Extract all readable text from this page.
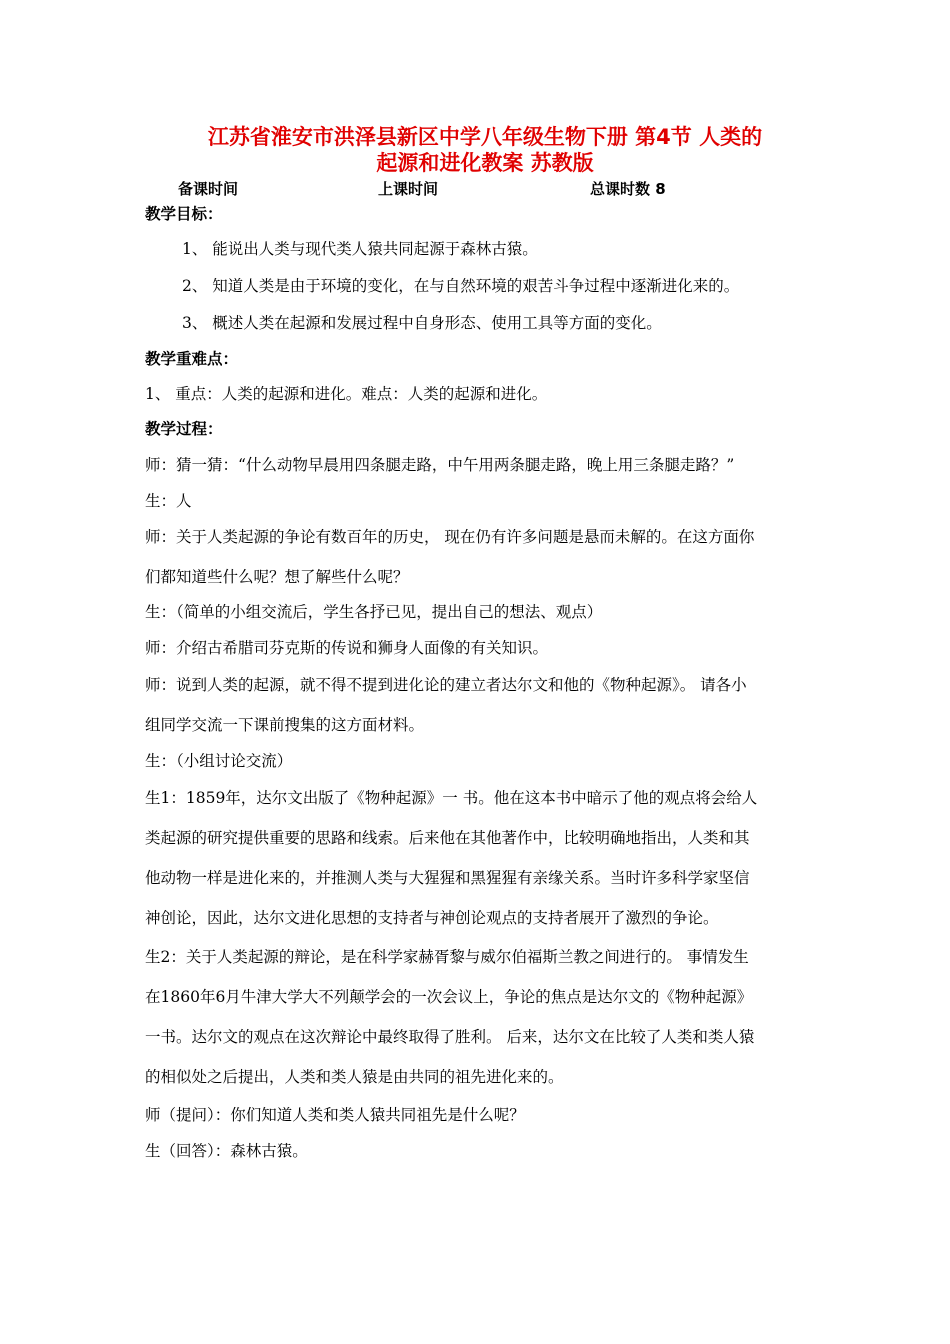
江苏省淮安市洪泽县新区中学八年级生物下册 第4节 人类的
起源和进化教案 苏教版
备课时间	上课时间	总课时数 8
教学目标：
1、 能说出人类与现代类人猿共同起源于森林古猿。
2、 知道人类是由于环境的变化，在与自然环境的艰苦斗争过程中逐渐进化来的。
3、 概述人类在起源和发展过程中自身形态、使用工具等方面的变化。
教学重难点：
1、 重点：人类的起源和进化。难点：人类的起源和进化。
教学过程：
师：猜一猜：“什么动物早晨用四条腿走路，中午用两条腿走路，晚上用三条腿走路？”
生：人
师：关于人类起源的争论有数百年的历史， 现在仍有许多问题是悬而未解的。在这方面你
们都知道些什么呢？想了解些什么呢？
生：（简单的小组交流后，学生各抒已见，提出自己的想法、观点）
师：介绍古希腊司芬克斯的传说和狮身人面像的有关知识。
师：说到人类的起源，就不得不提到进化论的建立者达尔文和他的《物种起源》。 请各小
组同学交流一下课前搜集的这方面材料。
生：（小组讨论交流）
生1：1859年，达尔文出版了《物种起源》一 书。他在这本书中暗示了他的观点将会给人
类起源的研究提供重要的思路和线索。后来他在其他著作中，比较明确地指出，人类和其
他动物一样是进化来的，并推测人类与大猩猩和黑猩猩有亲缘关系。当时许多科学家坚信
神创论，因此，达尔文进化思想的支持者与神创论观点的支持者展开了激烈的争论。
生2：关于人类起源的辩论，是在科学家赫胥黎与威尔伯福斯兰教之间进行的。 事情发生
在1860年6月牛津大学大不列颠学会的一次会议上，争论的焦点是达尔文的《物种起源》
一书。达尔文的观点在这次辩论中最终取得了胜利。 后来，达尔文在比较了人类和类人猿
的相似处之后提出，人类和类人猿是由共同的祖先进化来的。
师（提问）：你们知道人类和类人猿共同祖先是什么呢？
生（回答）：森林古猿。
